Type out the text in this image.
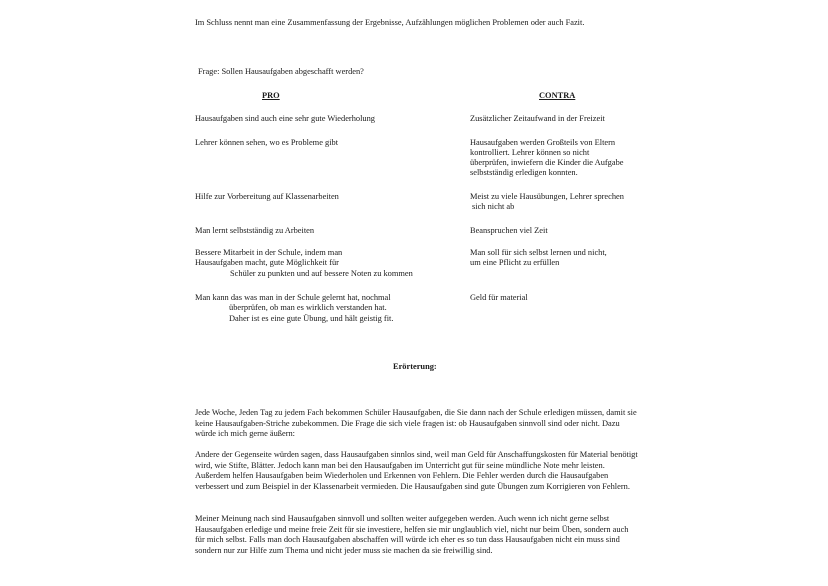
Im Schluss nennt man eine Zusammenfassung der Ergebnisse, Aufzählungen möglichen Problemen oder auch Fazit.

Frage: Sollen Hausaufgaben abgeschafft werden?

PRO	CONTRA

Hausaufgaben sind auch eine sehr gute Wiederholung

Lehrer können sehen, wo es Probleme gibt

Hilfe zur Vorbereitung auf Klassenarbeiten

Man lernt selbstständig zu Arbeiten

Bessere Mitarbeit in der Schule, indem man

Hausaufgaben macht, gute Möglichkeit für

Schüler zu punkten und auf bessere Noten zu kommen

Man kann das was man in der Schule gelernt hat, nochmal

überprüfen, ob man es wirklich verstanden hat.

Daher ist es eine gute Übung, und hält geistig fit.

Zusätzlicher Zeitaufwand in der Freizeit

Hausaufgaben werden Großteils von Eltern

kontrolliert. Lehrer können so nicht

überprüfen, inwiefern die Kinder die Aufgabe

selbstständig erledigen konnten.

Meist zu viele Hausübungen, Lehrer sprechen

sich nicht ab

Beanspruchen viel Zeit

Man soll für sich selbst lernen und nicht,

um eine Pflicht zu erfüllen

Geld für material

Erörterung:

Jede Woche, Jeden Tag zu jedem Fach bekommen Schüler Hausaufgaben, die Sie dann nach der Schule erledigen müssen, damit sie keine Hausaufgaben-Striche zubekommen. Die Frage die sich viele fragen ist: ob Hausaufgaben sinnvoll sind oder nicht. Dazu würde ich mich gerne äußern:

Andere der Gegenseite würden sagen, dass Hausaufgaben sinnlos sind, weil man Geld für Anschaffungskosten für Material benötigt wird, wie Stifte, Blätter. Jedoch kann man bei den Hausaufgaben im Unterricht gut für seine mündliche Note mehr leisten. Außerdem helfen Hausaufgaben beim Wiederholen und Erkennen von Fehlern. Die Fehler werden durch die Hausaufgaben verbessert und zum Beispiel in der Klassenarbeit vermieden. Die Hausaufgaben sind gute Übungen zum Korrigieren von Fehlern.

Meiner Meinung nach sind Hausaufgaben sinnvoll und sollten weiter aufgegeben werden. Auch wenn ich nicht gerne selbst Hausaufgaben erledige und meine freie Zeit für sie investiere, helfen sie mir unglaublich viel, nicht nur beim Üben, sondern auch für mich selbst. Falls man doch Hausaufgaben abschaffen will würde ich eher es so tun dass Hausaufgaben nicht ein muss sind sondern nur zur Hilfe zum Thema und nicht jeder muss sie machen da sie freiwillig sind.
